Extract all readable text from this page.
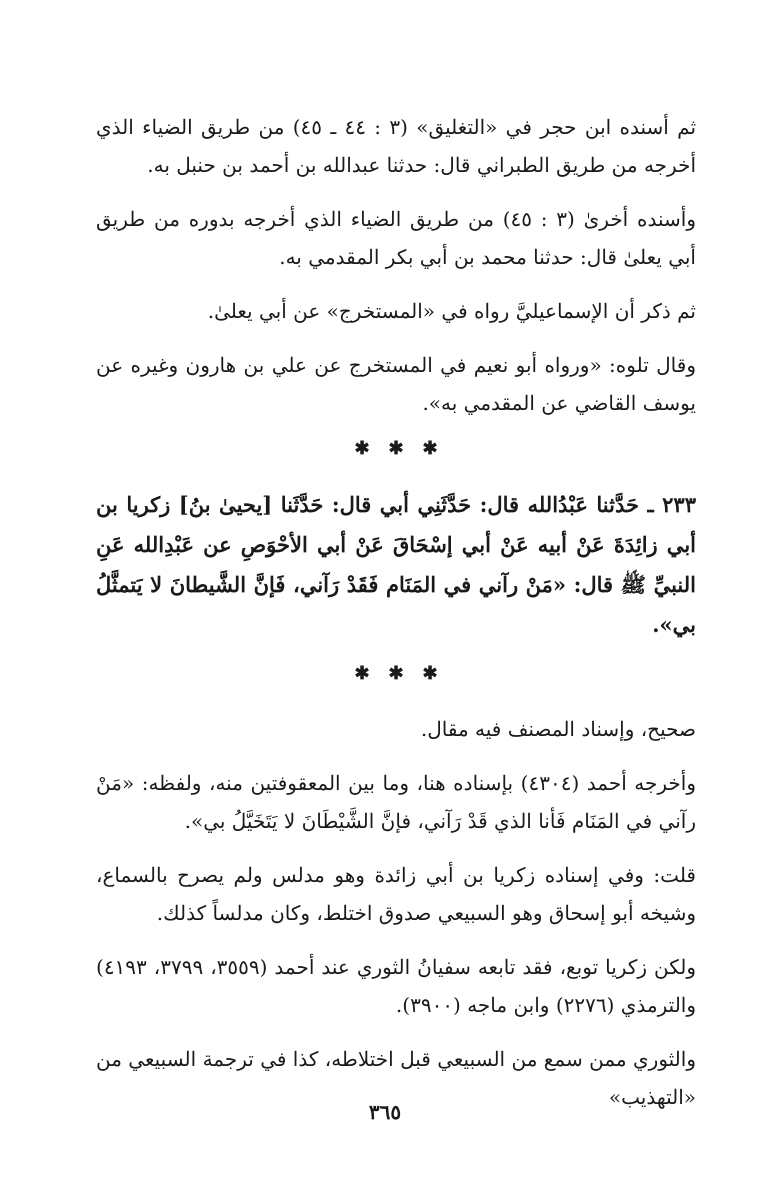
ثم أسنده ابن حجر في «التغليق» (٣ : ٤٤ ـ ٤٥) من طريق الضياء الذي أخرجه من طريق الطبراني قال: حدثنا عبدالله بن أحمد بن حنبل به.

وأسنده أخرىٰ (٣ : ٤٥) من طريق الضياء الذي أخرجه بدوره من طريق أبي يعلىٰ قال: حدثنا محمد بن أبي بكر المقدمي به.

ثم ذكر أن الإسماعيليَّ رواه في «المستخرج» عن أبي يعلىٰ.

وقال تلوه: «ورواه أبو نعيم في المستخرج عن علي بن هارون وغيره عن يوسف القاضي عن المقدمي به».

✱ ✱ ✱

٢٣٣ ـ حَدَّثنا عَبْدُالله قال: حَدَّثَنِي أبي قال: حَدَّثَنا [يحيىٰ بنُ] زكريا بن أبي زائِدَةَ عَنْ أبيه عَنْ أبي إسْحَاقَ عَنْ أبي الأحْوَصِ عن عَبْدِالله عَنِ النبيِّ ﷺ قال: «مَنْ رآني في المَنَام فَقَدْ رَآني، فَإنَّ الشَّيطانَ لا يَتمثَّلُ بي».

✱ ✱ ✱

صحيح، وإسناد المصنف فيه مقال.

وأخرجه أحمد (٤٣٠٤) بإسناده هنا، وما بين المعقوفتين منه، ولفظه: «مَنْ رآني في المَنَام فَأنا الذي قَدْ رَآني، فإنَّ الشَّيْطَانَ لا يَتَخَيَّلُ بي».

قلت: وفي إسناده زكريا بن أبي زائدة وهو مدلس ولم يصرح بالسماع، وشيخه أبو إسحاق وهو السبيعي صدوق اختلط، وكان مدلساً كذلك.

ولكن زكريا توبع، فقد تابعه سفيانُ الثوري عند أحمد (٣٥٥٩، ٣٧٩٩، ٤١٩٣) والترمذي (٢٢٧٦) وابن ماجه (٣٩٠٠).

والثوري ممن سمع من السبيعي قبل اختلاطه، كذا في ترجمة السبيعي من «التهذيب»

٣٦٥
